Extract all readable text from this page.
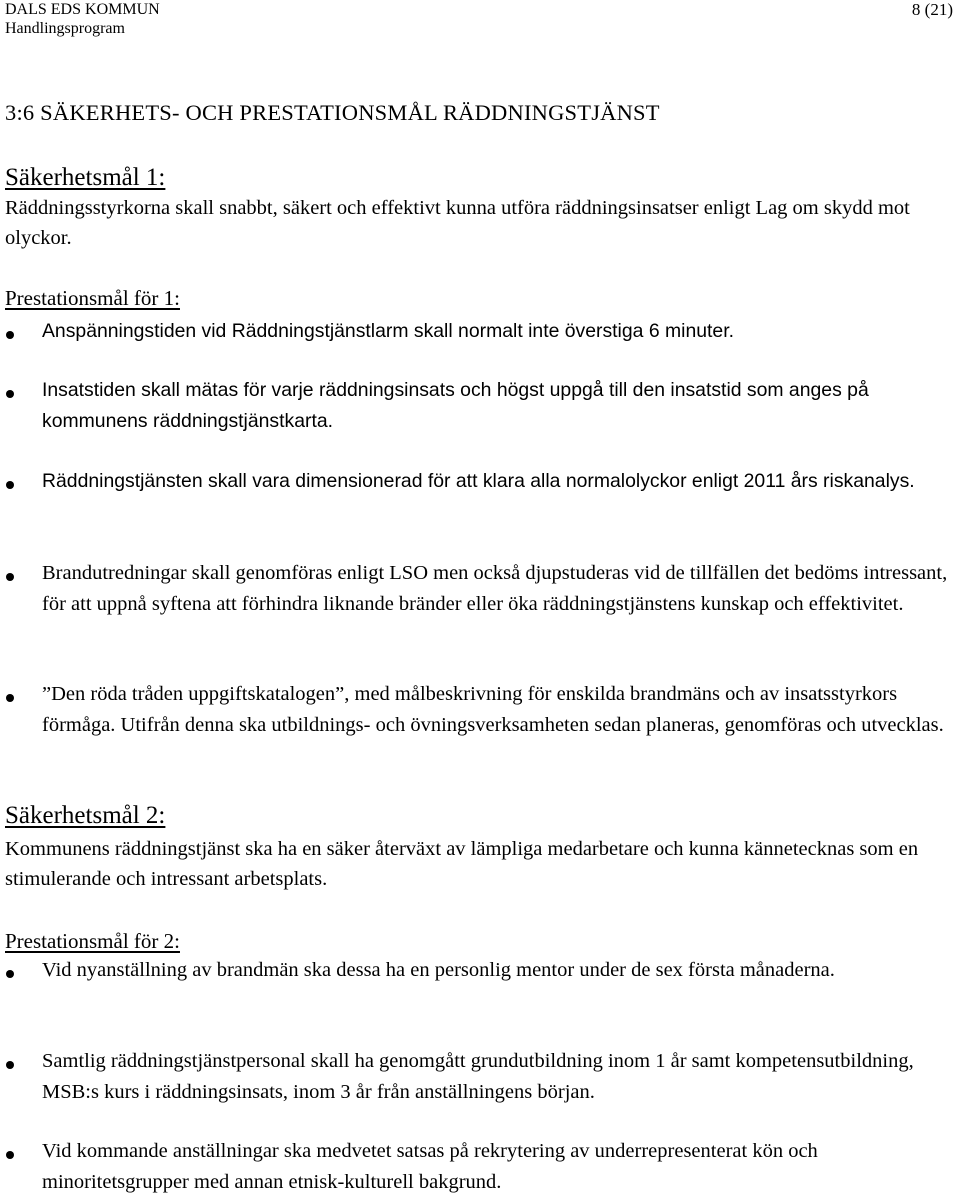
DALS EDS KOMMUN
Handlingsprogram
8 (21)
3:6 SÄKERHETS- OCH PRESTATIONSMÅL RÄDDNINGSTJÄNST
Säkerhetsmål 1:

Räddningsstyrkorna skall snabbt, säkert och effektivt kunna utföra räddningsinsatser enligt Lag om skydd mot olyckor.

Prestationsmål för 1:

Anspänningstiden vid Räddningstjänstlarm skall normalt inte överstiga 6 minuter.

Insatstiden skall mätas för varje räddningsinsats och högst uppgå till den insatstid som anges på kommunens räddningstjänstkarta.

Räddningstjänsten skall vara dimensionerad för att klara alla normalolyckor enligt 2011 års riskanalys.

Brandutredningar skall genomföras enligt LSO men också djupstuderas vid de tillfällen det bedöms intressant, för att uppnå syftena att förhindra liknande bränder eller öka räddningstjänstens kunskap och effektivitet.

”Den röda tråden uppgiftskatalogen”, med målbeskrivning för enskilda brandmäns och av insatsstyrkors förmåga. Utifrån denna ska utbildnings- och övningsverksamheten sedan planeras, genomföras och utvecklas.

Säkerhetsmål 2:

Kommunens räddningstjänst ska ha en säker återväxt av lämpliga medarbetare och kunna kännetecknas som en stimulerande och intressant arbetsplats.

Prestationsmål för 2:

Vid nyanställning av brandmän ska dessa ha en personlig mentor under de sex första månaderna.

Samtlig räddningstjänstpersonal skall ha genomgått grundutbildning inom 1 år samt kompetensutbildning, MSB:s kurs i räddningsinsats, inom 3 år från anställningens början.

Vid kommande anställningar ska medvetet satsas på rekrytering av underrepresenterat kön och minoritetsgrupper med annan etnisk-kulturell bakgrund.
